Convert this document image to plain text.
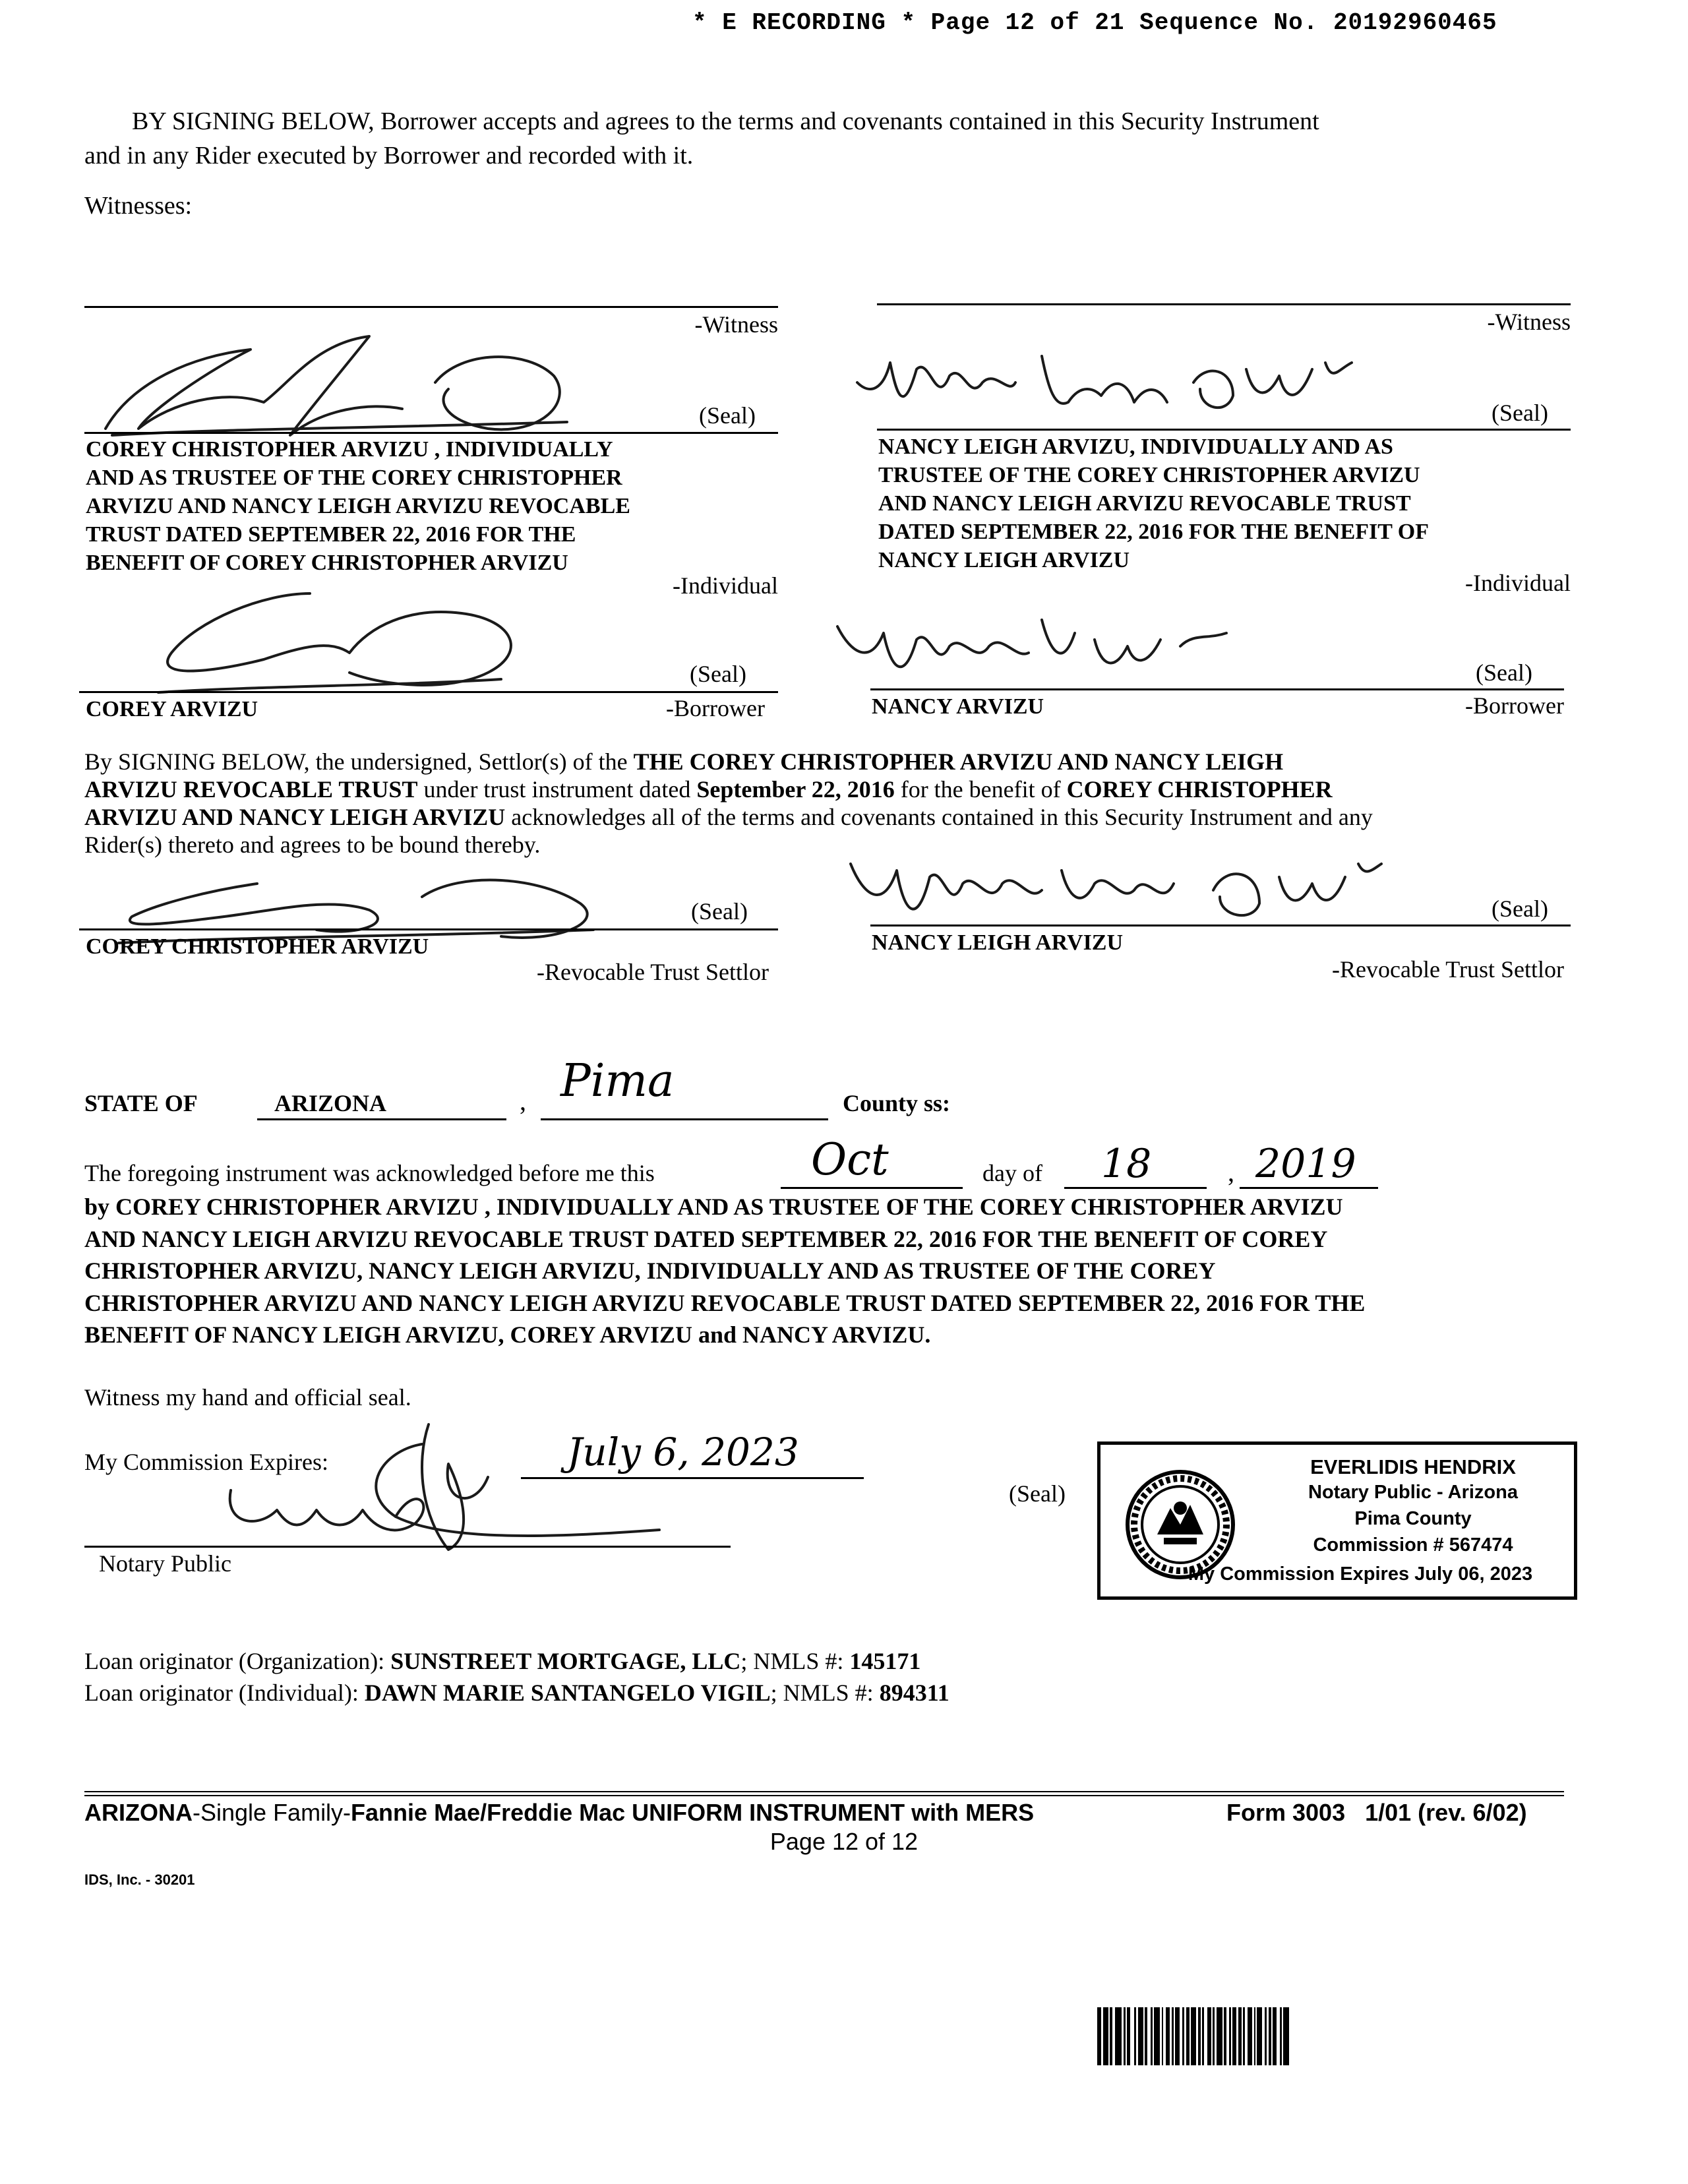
* E RECORDING * Page 12 of 21 Sequence No. 20192960465
BY SIGNING BELOW, Borrower accepts and agrees to the terms and covenants contained in this Security Instrument
and in any Rider executed by Borrower and recorded with it.
Witnesses:
-Witness	-Witness
(Seal)
COREY CHRISTOPHER ARVIZU , INDIVIDUALLY
AND AS TRUSTEE OF THE COREY CHRISTOPHER
ARVIZU AND NANCY LEIGH ARVIZU REVOCABLE
TRUST DATED SEPTEMBER 22, 2016 FOR THE
BENEFIT OF COREY CHRISTOPHER ARVIZU
-Individual
(Seal)
NANCY LEIGH ARVIZU, INDIVIDUALLY AND AS
TRUSTEE OF THE COREY CHRISTOPHER ARVIZU
AND NANCY LEIGH ARVIZU REVOCABLE TRUST
DATED SEPTEMBER 22, 2016 FOR THE BENEFIT OF
NANCY LEIGH ARVIZU
-Individual
(Seal)
COREY ARVIZU	-Borrower
(Seal)
NANCY ARVIZU	-Borrower
By SIGNING BELOW, the undersigned, Settlor(s) of the THE COREY CHRISTOPHER ARVIZU AND NANCY LEIGH
ARVIZU REVOCABLE TRUST under trust instrument dated September 22, 2016 for the benefit of COREY CHRISTOPHER
ARVIZU AND NANCY LEIGH ARVIZU acknowledges all of the terms and covenants contained in this Security Instrument and any
Rider(s) thereto and agrees to be bound thereby.
(Seal)
COREY CHRISTOPHER ARVIZU
-Revocable Trust Settlor
(Seal)
NANCY LEIGH ARVIZU
-Revocable Trust Settlor
STATE OF	ARIZONA	, Pima	County ss:
The foregoing instrument was acknowledged before me this	Oct	day of 18	, 2019
by COREY CHRISTOPHER ARVIZU , INDIVIDUALLY AND AS TRUSTEE OF THE COREY CHRISTOPHER ARVIZU
AND NANCY LEIGH ARVIZU REVOCABLE TRUST DATED SEPTEMBER 22, 2016 FOR THE BENEFIT OF COREY
CHRISTOPHER ARVIZU, NANCY LEIGH ARVIZU, INDIVIDUALLY AND AS TRUSTEE OF THE COREY
CHRISTOPHER ARVIZU AND NANCY LEIGH ARVIZU REVOCABLE TRUST DATED SEPTEMBER 22, 2016 FOR THE
BENEFIT OF NANCY LEIGH ARVIZU, COREY ARVIZU and NANCY ARVIZU.
Witness my hand and official seal.
My Commission Expires:	July 6, 2023
Notary Public
(Seal)
EVERLIDIS HENDRIX
Notary Public - Arizona
Pima County
Commission # 567474
My Commission Expires July 06, 2023
Loan originator (Organization): SUNSTREET MORTGAGE, LLC; NMLS #: 145171
Loan originator (Individual): DAWN MARIE SANTANGELO VIGIL; NMLS #: 894311
ARIZONA-Single Family-Fannie Mae/Freddie Mac UNIFORM INSTRUMENT with MERS	Form 3003   1/01 (rev. 6/02)
Page 12 of 12
IDS, Inc. - 30201
